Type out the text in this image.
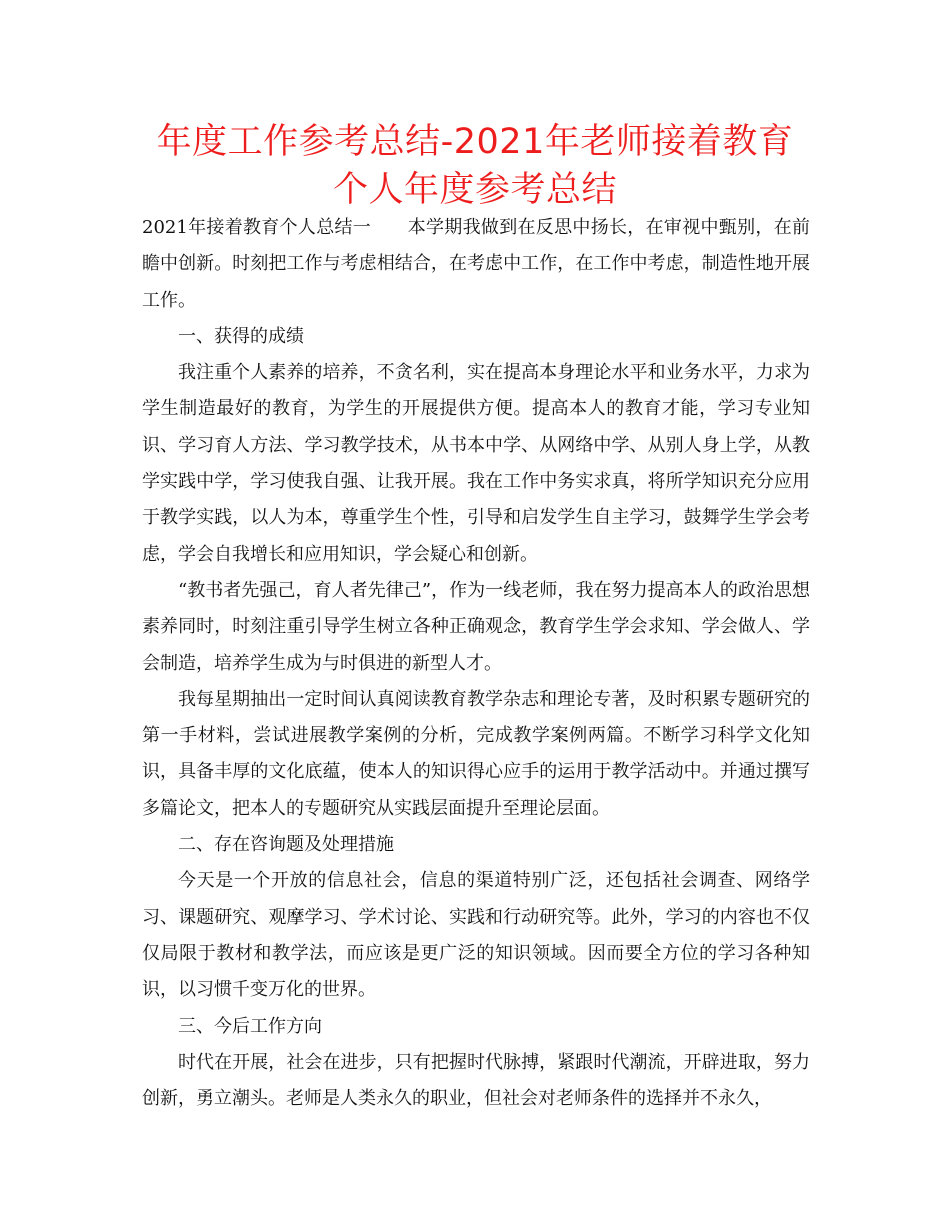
年度工作参考总结-2021年老师接着教育个人年度参考总结

2021年接着教育个人总结一　　本学期我做到在反思中扬长，在审视中甄别，在前瞻中创新。时刻把工作与考虑相结合，在考虑中工作，在工作中考虑，制造性地开展工作。

一、获得的成绩

我注重个人素养的培养，不贪名利，实在提高本身理论水平和业务水平，力求为学生制造最好的教育，为学生的开展提供方便。提高本人的教育才能，学习专业知识、学习育人方法、学习教学技术，从书本中学、从网络中学、从别人身上学，从教学实践中学，学习使我自强、让我开展。我在工作中务实求真，将所学知识充分应用于教学实践，以人为本，尊重学生个性，引导和启发学生自主学习，鼓舞学生学会考虑，学会自我增长和应用知识，学会疑心和创新。

“教书者先强己，育人者先律己”，作为一线老师，我在努力提高本人的政治思想素养同时，时刻注重引导学生树立各种正确观念，教育学生学会求知、学会做人、学会制造，培养学生成为与时俱进的新型人才。

我每星期抽出一定时间认真阅读教育教学杂志和理论专著，及时积累专题研究的第一手材料，尝试进展教学案例的分析，完成教学案例两篇。不断学习科学文化知识，具备丰厚的文化底蕴，使本人的知识得心应手的运用于教学活动中。并通过撰写多篇论文，把本人的专题研究从实践层面提升至理论层面。

二、存在咨询题及处理措施

今天是一个开放的信息社会，信息的渠道特别广泛，还包括社会调查、网络学习、课题研究、观摩学习、学术讨论、实践和行动研究等。此外，学习的内容也不仅仅局限于教材和教学法，而应该是更广泛的知识领域。因而要全方位的学习各种知识，以习惯千变万化的世界。

三、今后工作方向

时代在开展，社会在进步，只有把握时代脉搏，紧跟时代潮流，开辟进取，努力创新，勇立潮头。老师是人类永久的职业，但社会对老师条件的选择并不永久，
